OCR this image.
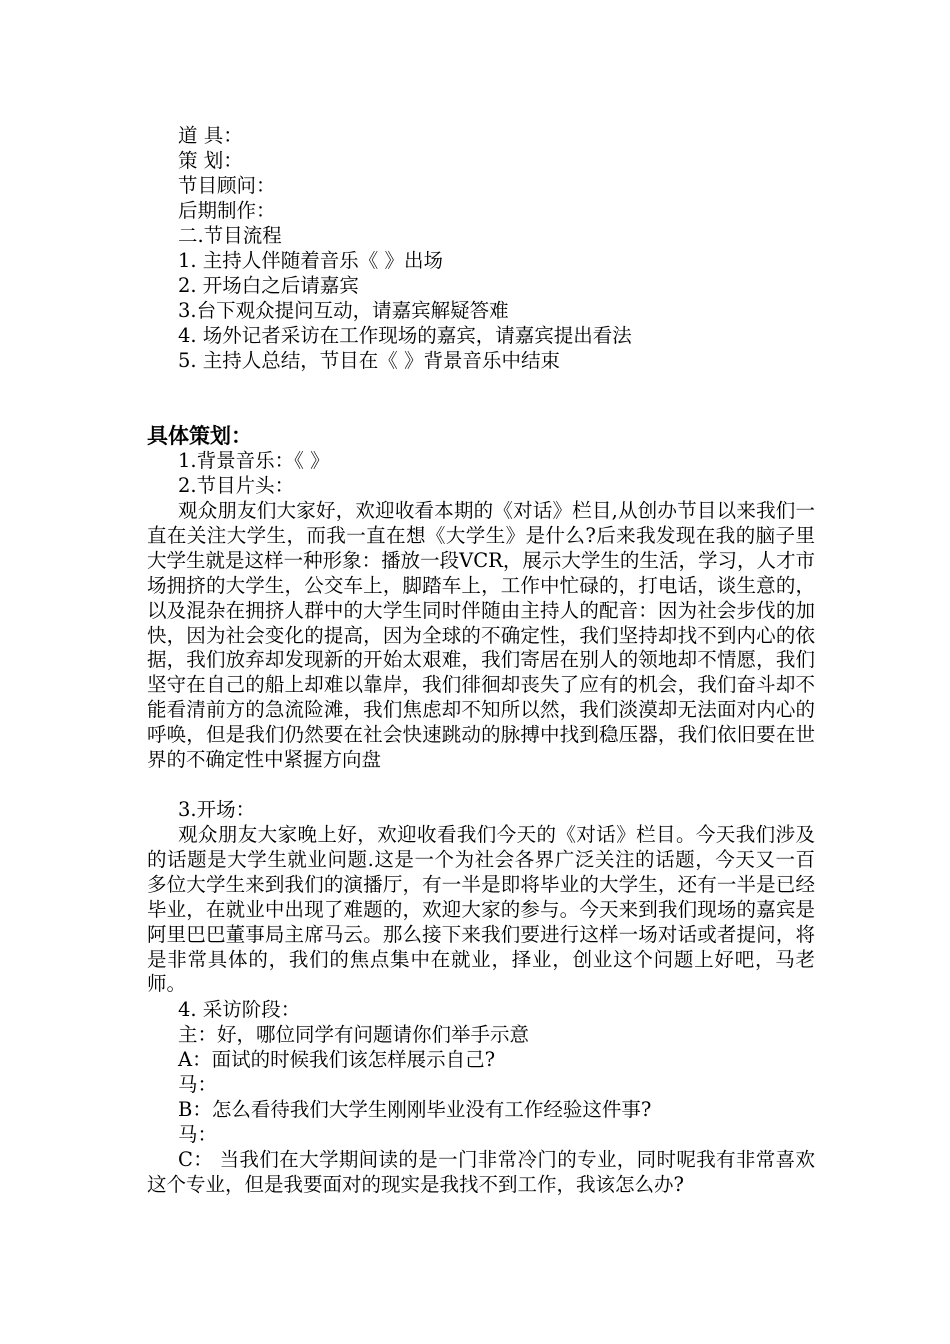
道 具：
策 划：
节目顾问：
后期制作：
二.节目流程
1. 主持人伴随着音乐《 》出场
2. 开场白之后请嘉宾
3.台下观众提问互动，请嘉宾解疑答难
4. 场外记者采访在工作现场的嘉宾，请嘉宾提出看法
5. 主持人总结，节目在《 》背景音乐中结束
具体策划：
1.背景音乐：《 》
2.节目片头：
观众朋友们大家好，欢迎收看本期的《对话》栏目,从创办节目以来我们一直在关注大学生，而我一直在想《大学生》是什么?后来我发现在我的脑子里大学生就是这样一种形象：播放一段VCR，展示大学生的生活，学习，人才市场拥挤的大学生，公交车上，脚踏车上，工作中忙碌的，打电话，谈生意的，以及混杂在拥挤人群中的大学生同时伴随由主持人的配音：因为社会步伐的加快，因为社会变化的提高，因为全球的不确定性，我们坚持却找不到内心的依据，我们放弃却发现新的开始太艰难，我们寄居在别人的领地却不情愿，我们坚守在自己的船上却难以靠岸，我们徘徊却丧失了应有的机会，我们奋斗却不能看清前方的急流险滩，我们焦虑却不知所以然，我们淡漠却无法面对内心的呼唤，但是我们仍然要在社会快速跳动的脉搏中找到稳压器，我们依旧要在世界的不确定性中紧握方向盘
3.开场：
观众朋友大家晚上好，欢迎收看我们今天的《对话》栏目。今天我们涉及的话题是大学生就业问题.这是一个为社会各界广泛关注的话题，今天又一百多位大学生来到我们的演播厅，有一半是即将毕业的大学生，还有一半是已经毕业，在就业中出现了难题的，欢迎大家的参与。今天来到我们现场的嘉宾是阿里巴巴董事局主席马云。那么接下来我们要进行这样一场对话或者提问，将是非常具体的，我们的焦点集中在就业，择业，创业这个问题上好吧，马老师。
4. 采访阶段：
主：好，哪位同学有问题请你们举手示意
A：面试的时候我们该怎样展示自己?
马：
B：怎么看待我们大学生刚刚毕业没有工作经验这件事?
马：
C： 当我们在大学期间读的是一门非常冷门的专业，同时呢我有非常喜欢这个专业，但是我要面对的现实是我找不到工作，我该怎么办?
